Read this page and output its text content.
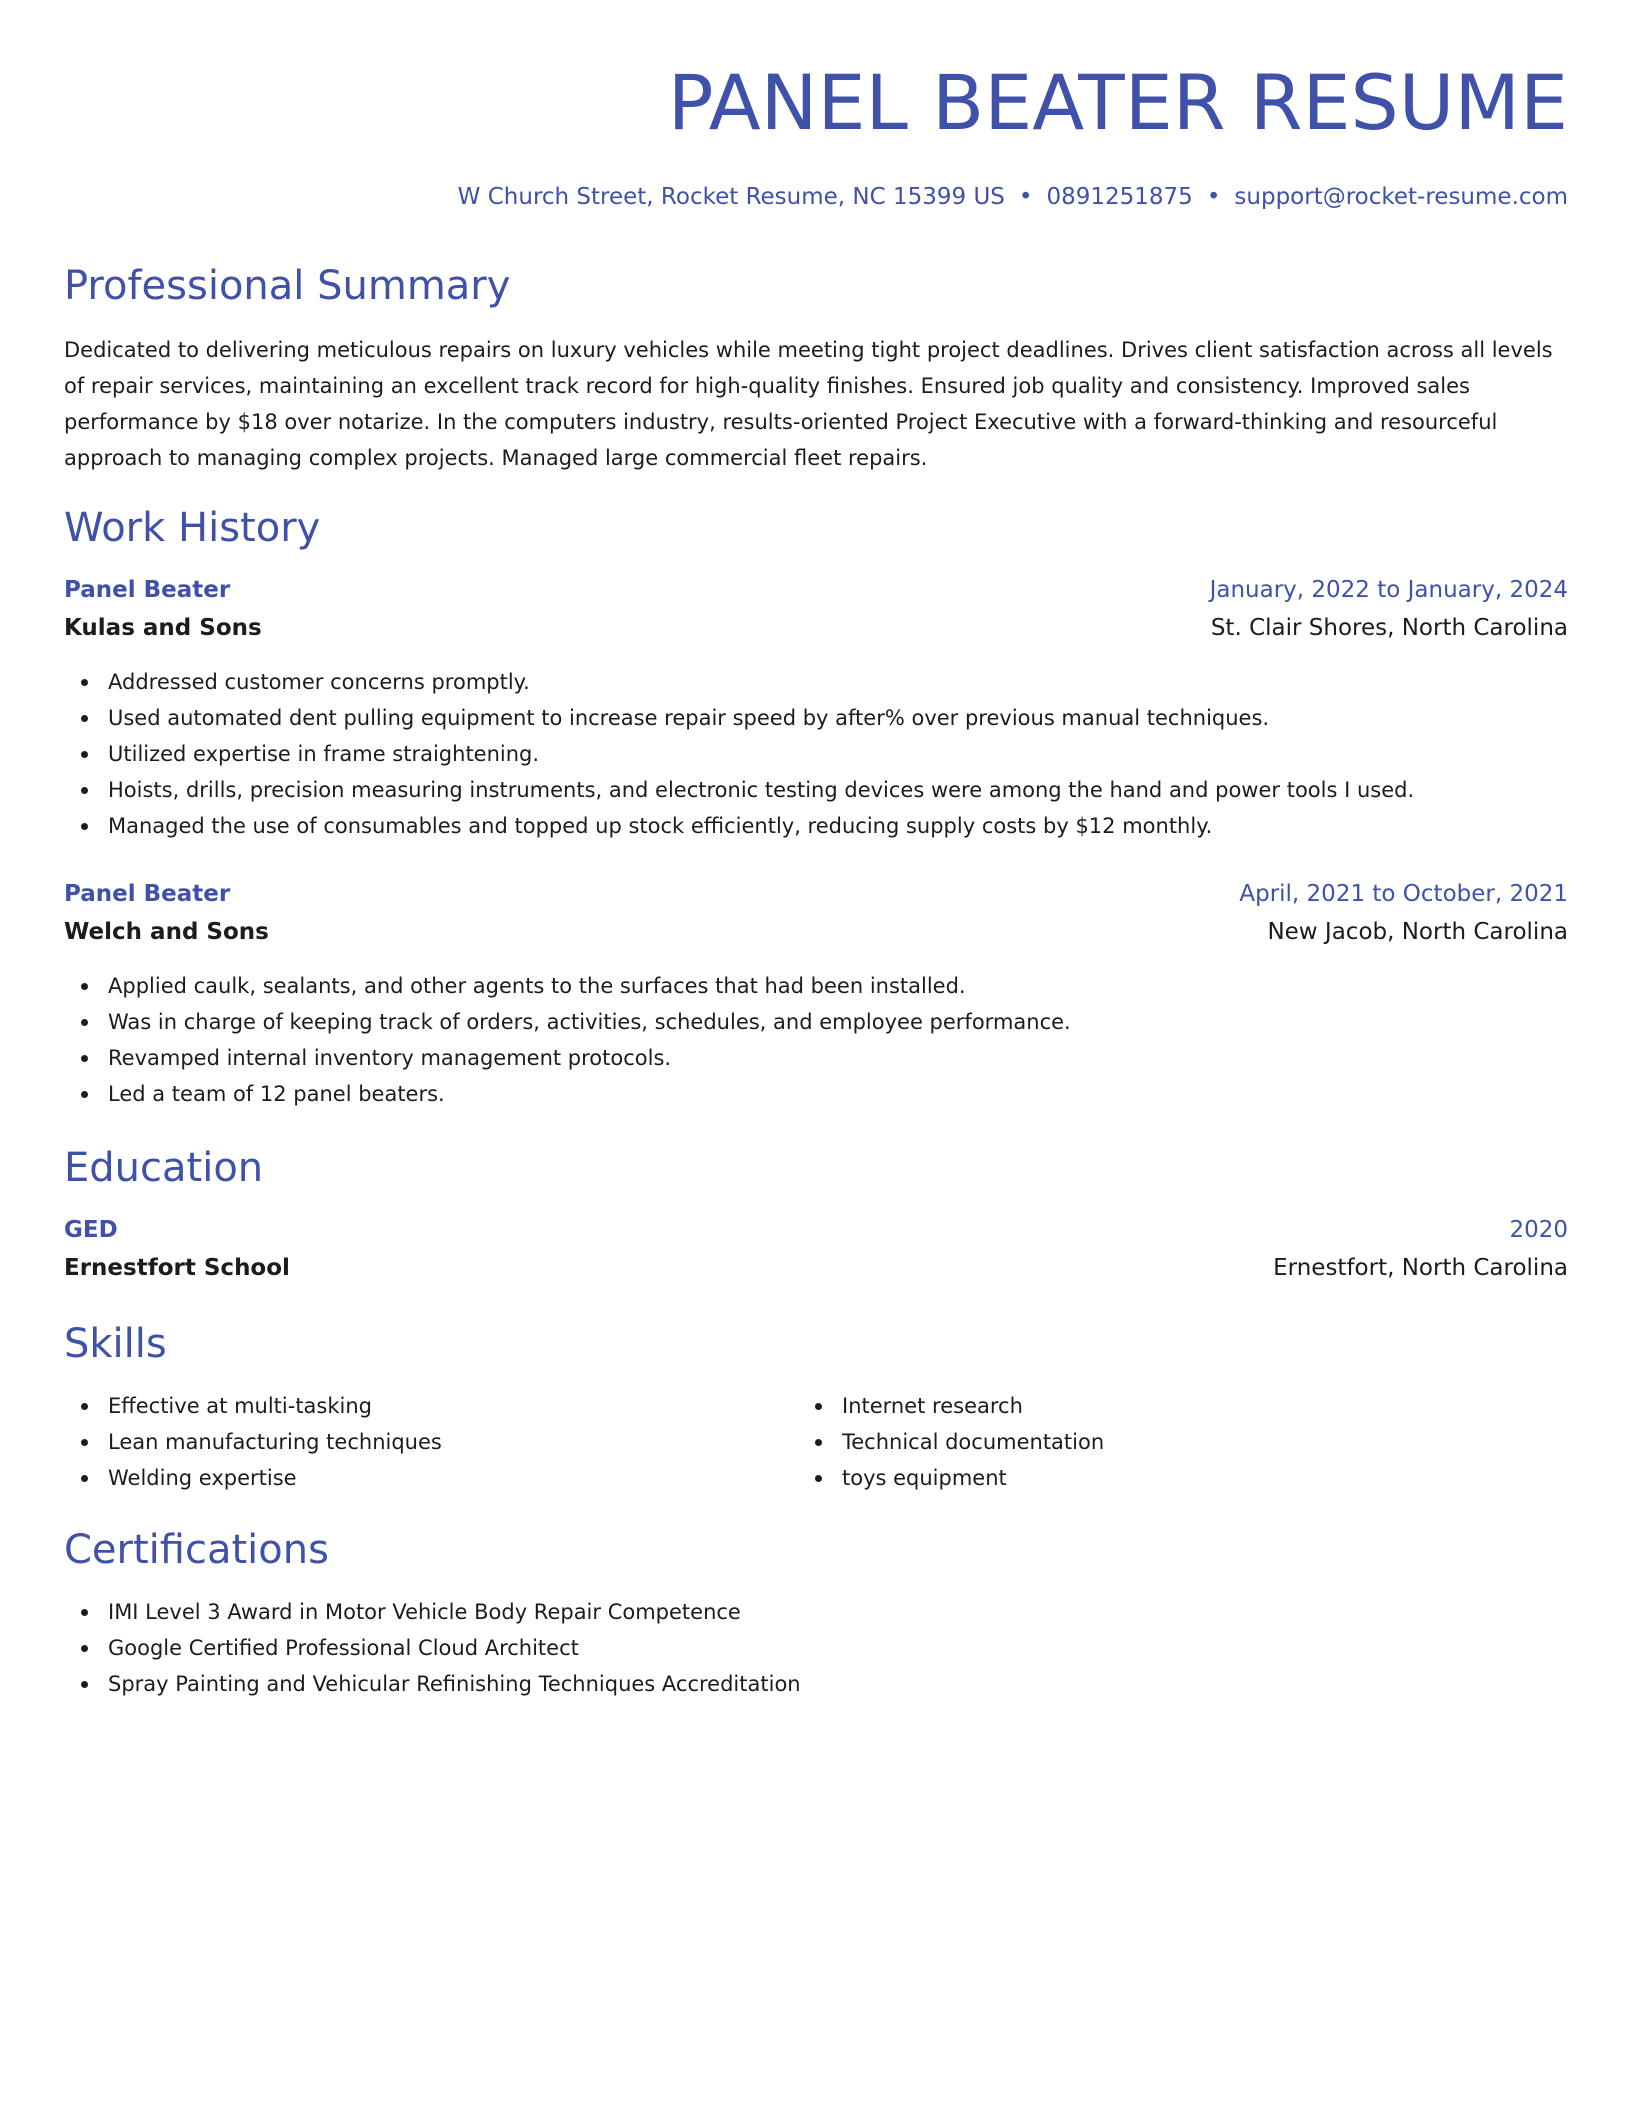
PANEL BEATER RESUME
W Church Street, Rocket Resume, NC 15399 US • 0891251875 • support@rocket-resume.com
Professional Summary

Dedicated to delivering meticulous repairs on luxury vehicles while meeting tight project deadlines. Drives client satisfaction across all levels of repair services, maintaining an excellent track record for high-quality finishes. Ensured job quality and consistency. Improved sales performance by $18 over notarize. In the computers industry, results-oriented Project Executive with a forward-thinking and resourceful approach to managing complex projects. Managed large commercial fleet repairs.

Work History
Panel Beater	January, 2022 to January, 2024
Kulas and Sons	St. Clair Shores, North Carolina
Addressed customer concerns promptly.
Used automated dent pulling equipment to increase repair speed by after% over previous manual techniques.
Utilized expertise in frame straightening.
Hoists, drills, precision measuring instruments, and electronic testing devices were among the hand and power tools I used.
Managed the use of consumables and topped up stock efficiently, reducing supply costs by $12 monthly.
Panel Beater	April, 2021 to October, 2021
Welch and Sons	New Jacob, North Carolina
Applied caulk, sealants, and other agents to the surfaces that had been installed.
Was in charge of keeping track of orders, activities, schedules, and employee performance.
Revamped internal inventory management protocols.
Led a team of 12 panel beaters.
Education
GED	2020
Ernestfort School	Ernestfort, North Carolina
Skills
Effective at multi-tasking
Lean manufacturing techniques
Welding expertise
Internet research
Technical documentation
toys equipment
Certifications
IMI Level 3 Award in Motor Vehicle Body Repair Competence
Google Certified Professional Cloud Architect
Spray Painting and Vehicular Refinishing Techniques Accreditation
